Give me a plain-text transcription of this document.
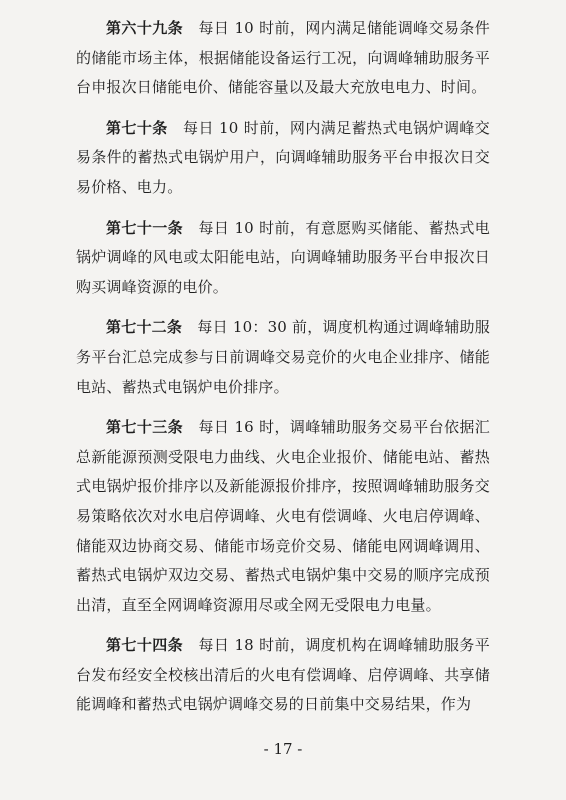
第六十九条　每日 10 时前，网内满足储能调峰交易条件的储能市场主体，根据储能设备运行工况，向调峰辅助服务平台申报次日储能电价、储能容量以及最大充放电电力、时间。

第七十条　每日 10 时前，网内满足蓄热式电锅炉调峰交易条件的蓄热式电锅炉用户，向调峰辅助服务平台申报次日交易价格、电力。

第七十一条　每日 10 时前，有意愿购买储能、蓄热式电锅炉调峰的风电或太阳能电站，向调峰辅助服务平台申报次日购买调峰资源的电价。

第七十二条　每日 10：30 前，调度机构通过调峰辅助服务平台汇总完成参与日前调峰交易竞价的火电企业排序、储能电站、蓄热式电锅炉电价排序。

第七十三条　每日 16 时，调峰辅助服务交易平台依据汇总新能源预测受限电力曲线、火电企业报价、储能电站、蓄热式电锅炉报价排序以及新能源报价排序，按照调峰辅助服务交易策略依次对水电启停调峰、火电有偿调峰、火电启停调峰、储能双边协商交易、储能市场竞价交易、储能电网调峰调用、蓄热式电锅炉双边交易、蓄热式电锅炉集中交易的顺序完成预出清，直至全网调峰资源用尽或全网无受限电力电量。

第七十四条　每日 18 时前，调度机构在调峰辅助服务平台发布经安全校核出清后的火电有偿调峰、启停调峰、共享储能调峰和蓄热式电锅炉调峰交易的日前集中交易结果，作为

- 17 -
